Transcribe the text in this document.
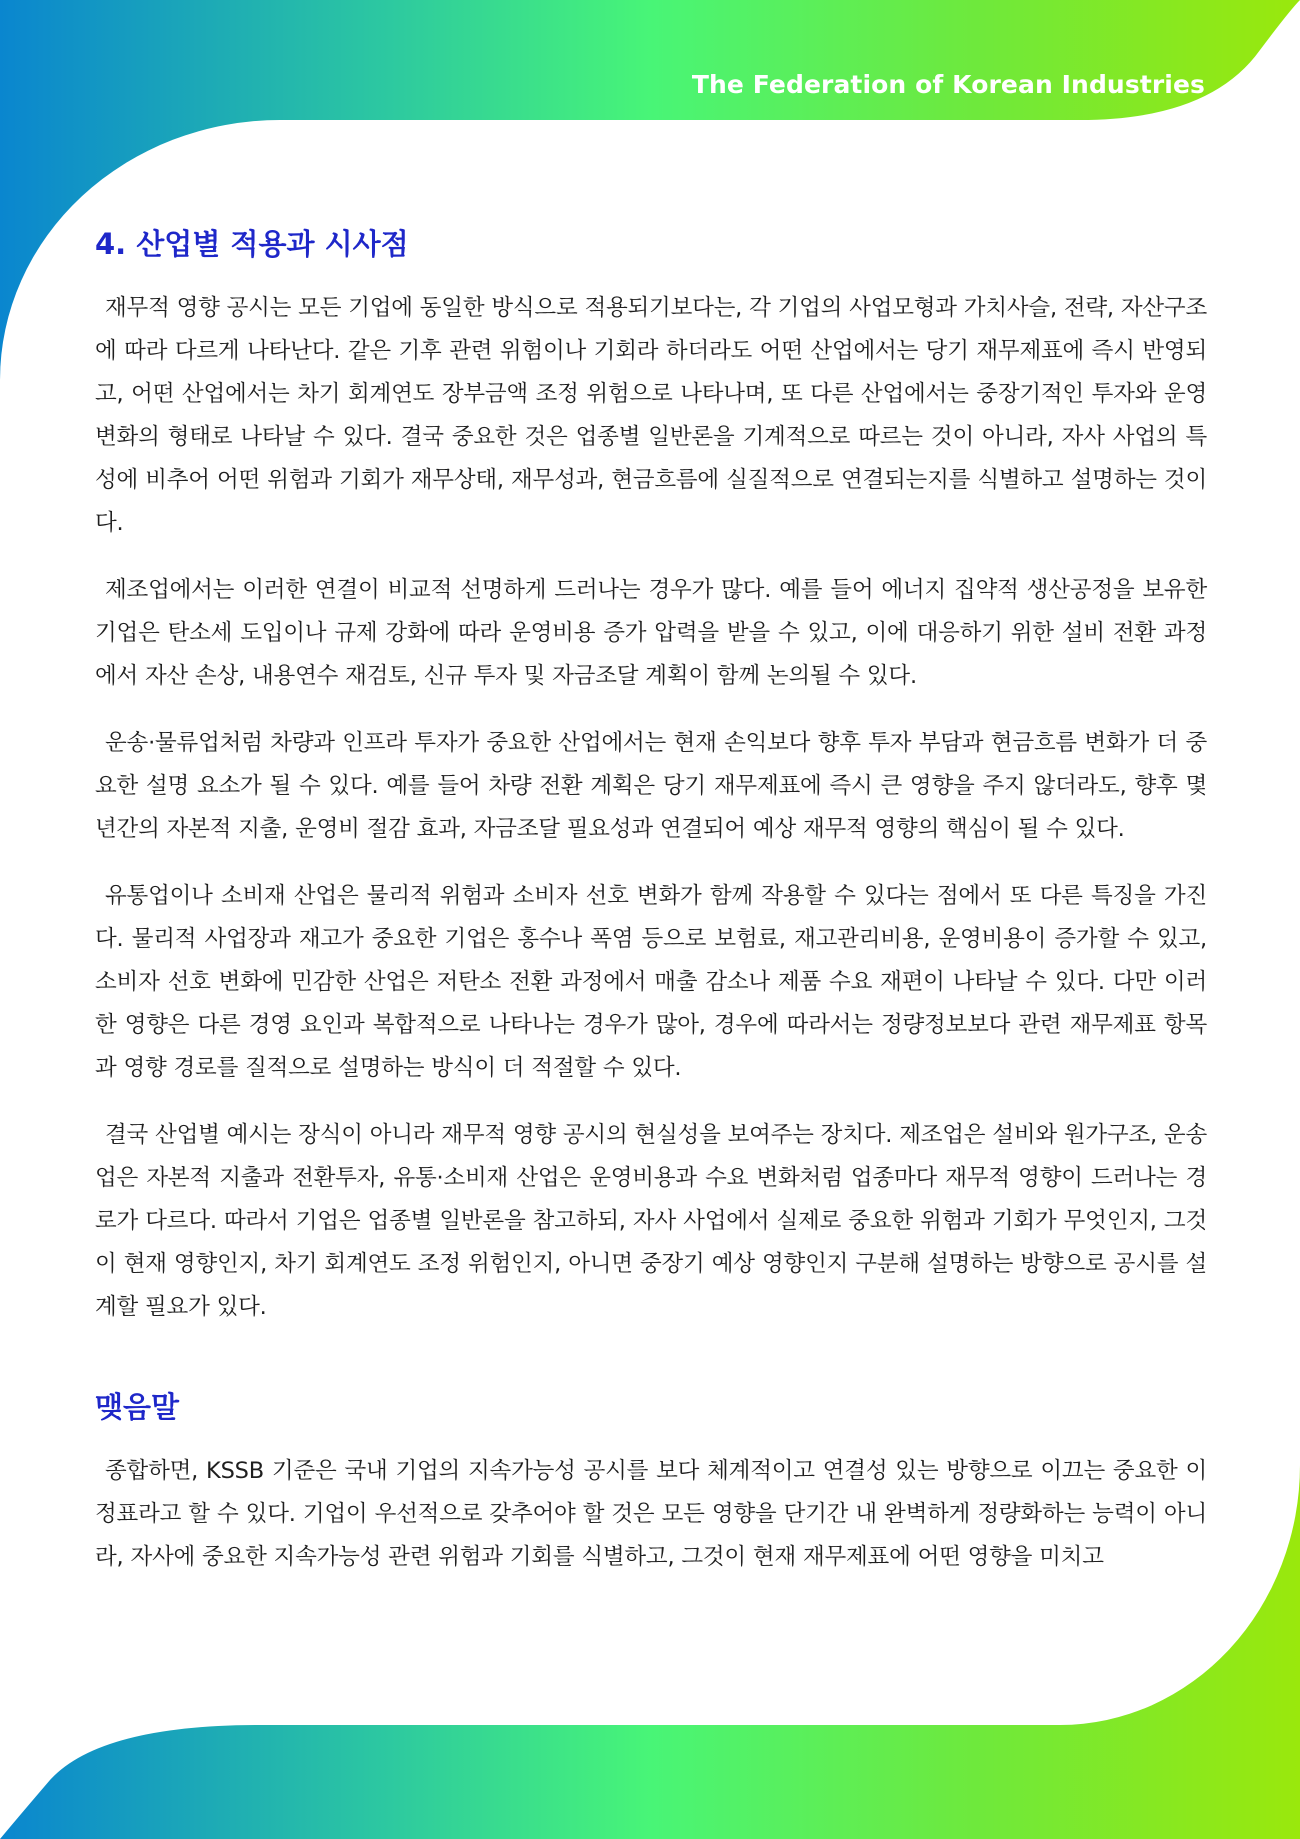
The Federation of Korean Industries
4. 산업별 적용과 시사점

재무적 영향 공시는 모든 기업에 동일한 방식으로 적용되기보다는, 각 기업의 사업모형과 가치사슬, 전략, 자산구조에 따라 다르게 나타난다. 같은 기후 관련 위험이나 기회라 하더라도 어떤 산업에서는 당기 재무제표에 즉시 반영되고, 어떤 산업에서는 차기 회계연도 장부금액 조정 위험으로 나타나며, 또 다른 산업에서는 중장기적인 투자와 운영 변화의 형태로 나타날 수 있다. 결국 중요한 것은 업종별 일반론을 기계적으로 따르는 것이 아니라, 자사 사업의 특성에 비추어 어떤 위험과 기회가 재무상태, 재무성과, 현금흐름에 실질적으로 연결되는지를 식별하고 설명하는 것이다.

제조업에서는 이러한 연결이 비교적 선명하게 드러나는 경우가 많다. 예를 들어 에너지 집약적 생산공정을 보유한 기업은 탄소세 도입이나 규제 강화에 따라 운영비용 증가 압력을 받을 수 있고, 이에 대응하기 위한 설비 전환 과정에서 자산 손상, 내용연수 재검토, 신규 투자 및 자금조달 계획이 함께 논의될 수 있다.

운송·물류업처럼 차량과 인프라 투자가 중요한 산업에서는 현재 손익보다 향후 투자 부담과 현금흐름 변화가 더 중요한 설명 요소가 될 수 있다. 예를 들어 차량 전환 계획은 당기 재무제표에 즉시 큰 영향을 주지 않더라도, 향후 몇 년간의 자본적 지출, 운영비 절감 효과, 자금조달 필요성과 연결되어 예상 재무적 영향의 핵심이 될 수 있다.

유통업이나 소비재 산업은 물리적 위험과 소비자 선호 변화가 함께 작용할 수 있다는 점에서 또 다른 특징을 가진다. 물리적 사업장과 재고가 중요한 기업은 홍수나 폭염 등으로 보험료, 재고관리비용, 운영비용이 증가할 수 있고, 소비자 선호 변화에 민감한 산업은 저탄소 전환 과정에서 매출 감소나 제품 수요 재편이 나타날 수 있다. 다만 이러한 영향은 다른 경영 요인과 복합적으로 나타나는 경우가 많아, 경우에 따라서는 정량정보보다 관련 재무제표 항목과 영향 경로를 질적으로 설명하는 방식이 더 적절할 수 있다.

결국 산업별 예시는 장식이 아니라 재무적 영향 공시의 현실성을 보여주는 장치다. 제조업은 설비와 원가구조, 운송업은 자본적 지출과 전환투자, 유통·소비재 산업은 운영비용과 수요 변화처럼 업종마다 재무적 영향이 드러나는 경로가 다르다. 따라서 기업은 업종별 일반론을 참고하되, 자사 사업에서 실제로 중요한 위험과 기회가 무엇인지, 그것이 현재 영향인지, 차기 회계연도 조정 위험인지, 아니면 중장기 예상 영향인지 구분해 설명하는 방향으로 공시를 설계할 필요가 있다.

맺음말

종합하면, KSSB 기준은 국내 기업의 지속가능성 공시를 보다 체계적이고 연결성 있는 방향으로 이끄는 중요한 이정표라고 할 수 있다. 기업이 우선적으로 갖추어야 할 것은 모든 영향을 단기간 내 완벽하게 정량화하는 능력이 아니라, 자사에 중요한 지속가능성 관련 위험과 기회를 식별하고, 그것이 현재 재무제표에 어떤 영향을 미치고
